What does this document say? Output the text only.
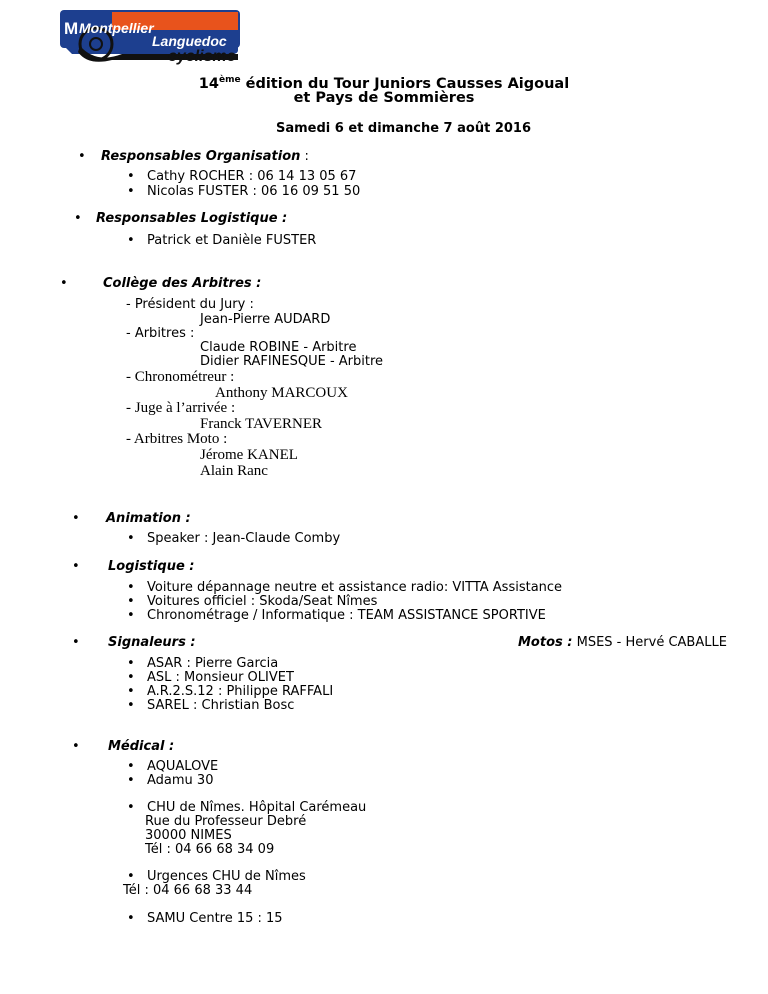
M Montpellier
Languedoc
cyclisme
14ème édition du Tour Juniors Causses Aigoual
et Pays de Sommières
Samedi 6 et dimanche 7 août 2016
• Responsables Organisation :
• Cathy ROCHER : 06 14 13 05 67
• Nicolas FUSTER : 06 16 09 51 50
• Responsables Logistique :
• Patrick et Danièle FUSTER
•	Collège des Arbitres :
- Président du Jury :
Jean-Pierre AUDARD
- Arbitres :
Claude ROBINE - Arbitre
Didier RAFINESQUE - Arbitre
- Chronométreur :
Anthony MARCOUX
- Juge à l’arrivée :
Franck TAVERNER
- Arbitres Moto :
Jérome KANEL
Alain Ranc
• Animation :
• Speaker : Jean-Claude Comby
• Logistique :
• Voiture dépannage neutre et assistance radio: VITTA Assistance
• Voitures officiel : Skoda/Seat Nîmes
• Chronométrage / Informatique : TEAM ASSISTANCE SPORTIVE
• Signaleurs :	Motos : MSES - Hervé CABALLE
• ASAR : Pierre Garcia
• ASL : Monsieur OLIVET
• A.R.2.S.12 : Philippe RAFFALI
• SAREL : Christian Bosc
• Médical :
• AQUALOVE
• Adamu 30
• CHU de Nîmes. Hôpital Carémeau
Rue du Professeur Debré
30000 NIMES
Tél : 04 66 68 34 09
• Urgences CHU de Nîmes
Tél : 04 66 68 33 44
• SAMU Centre 15 : 15
